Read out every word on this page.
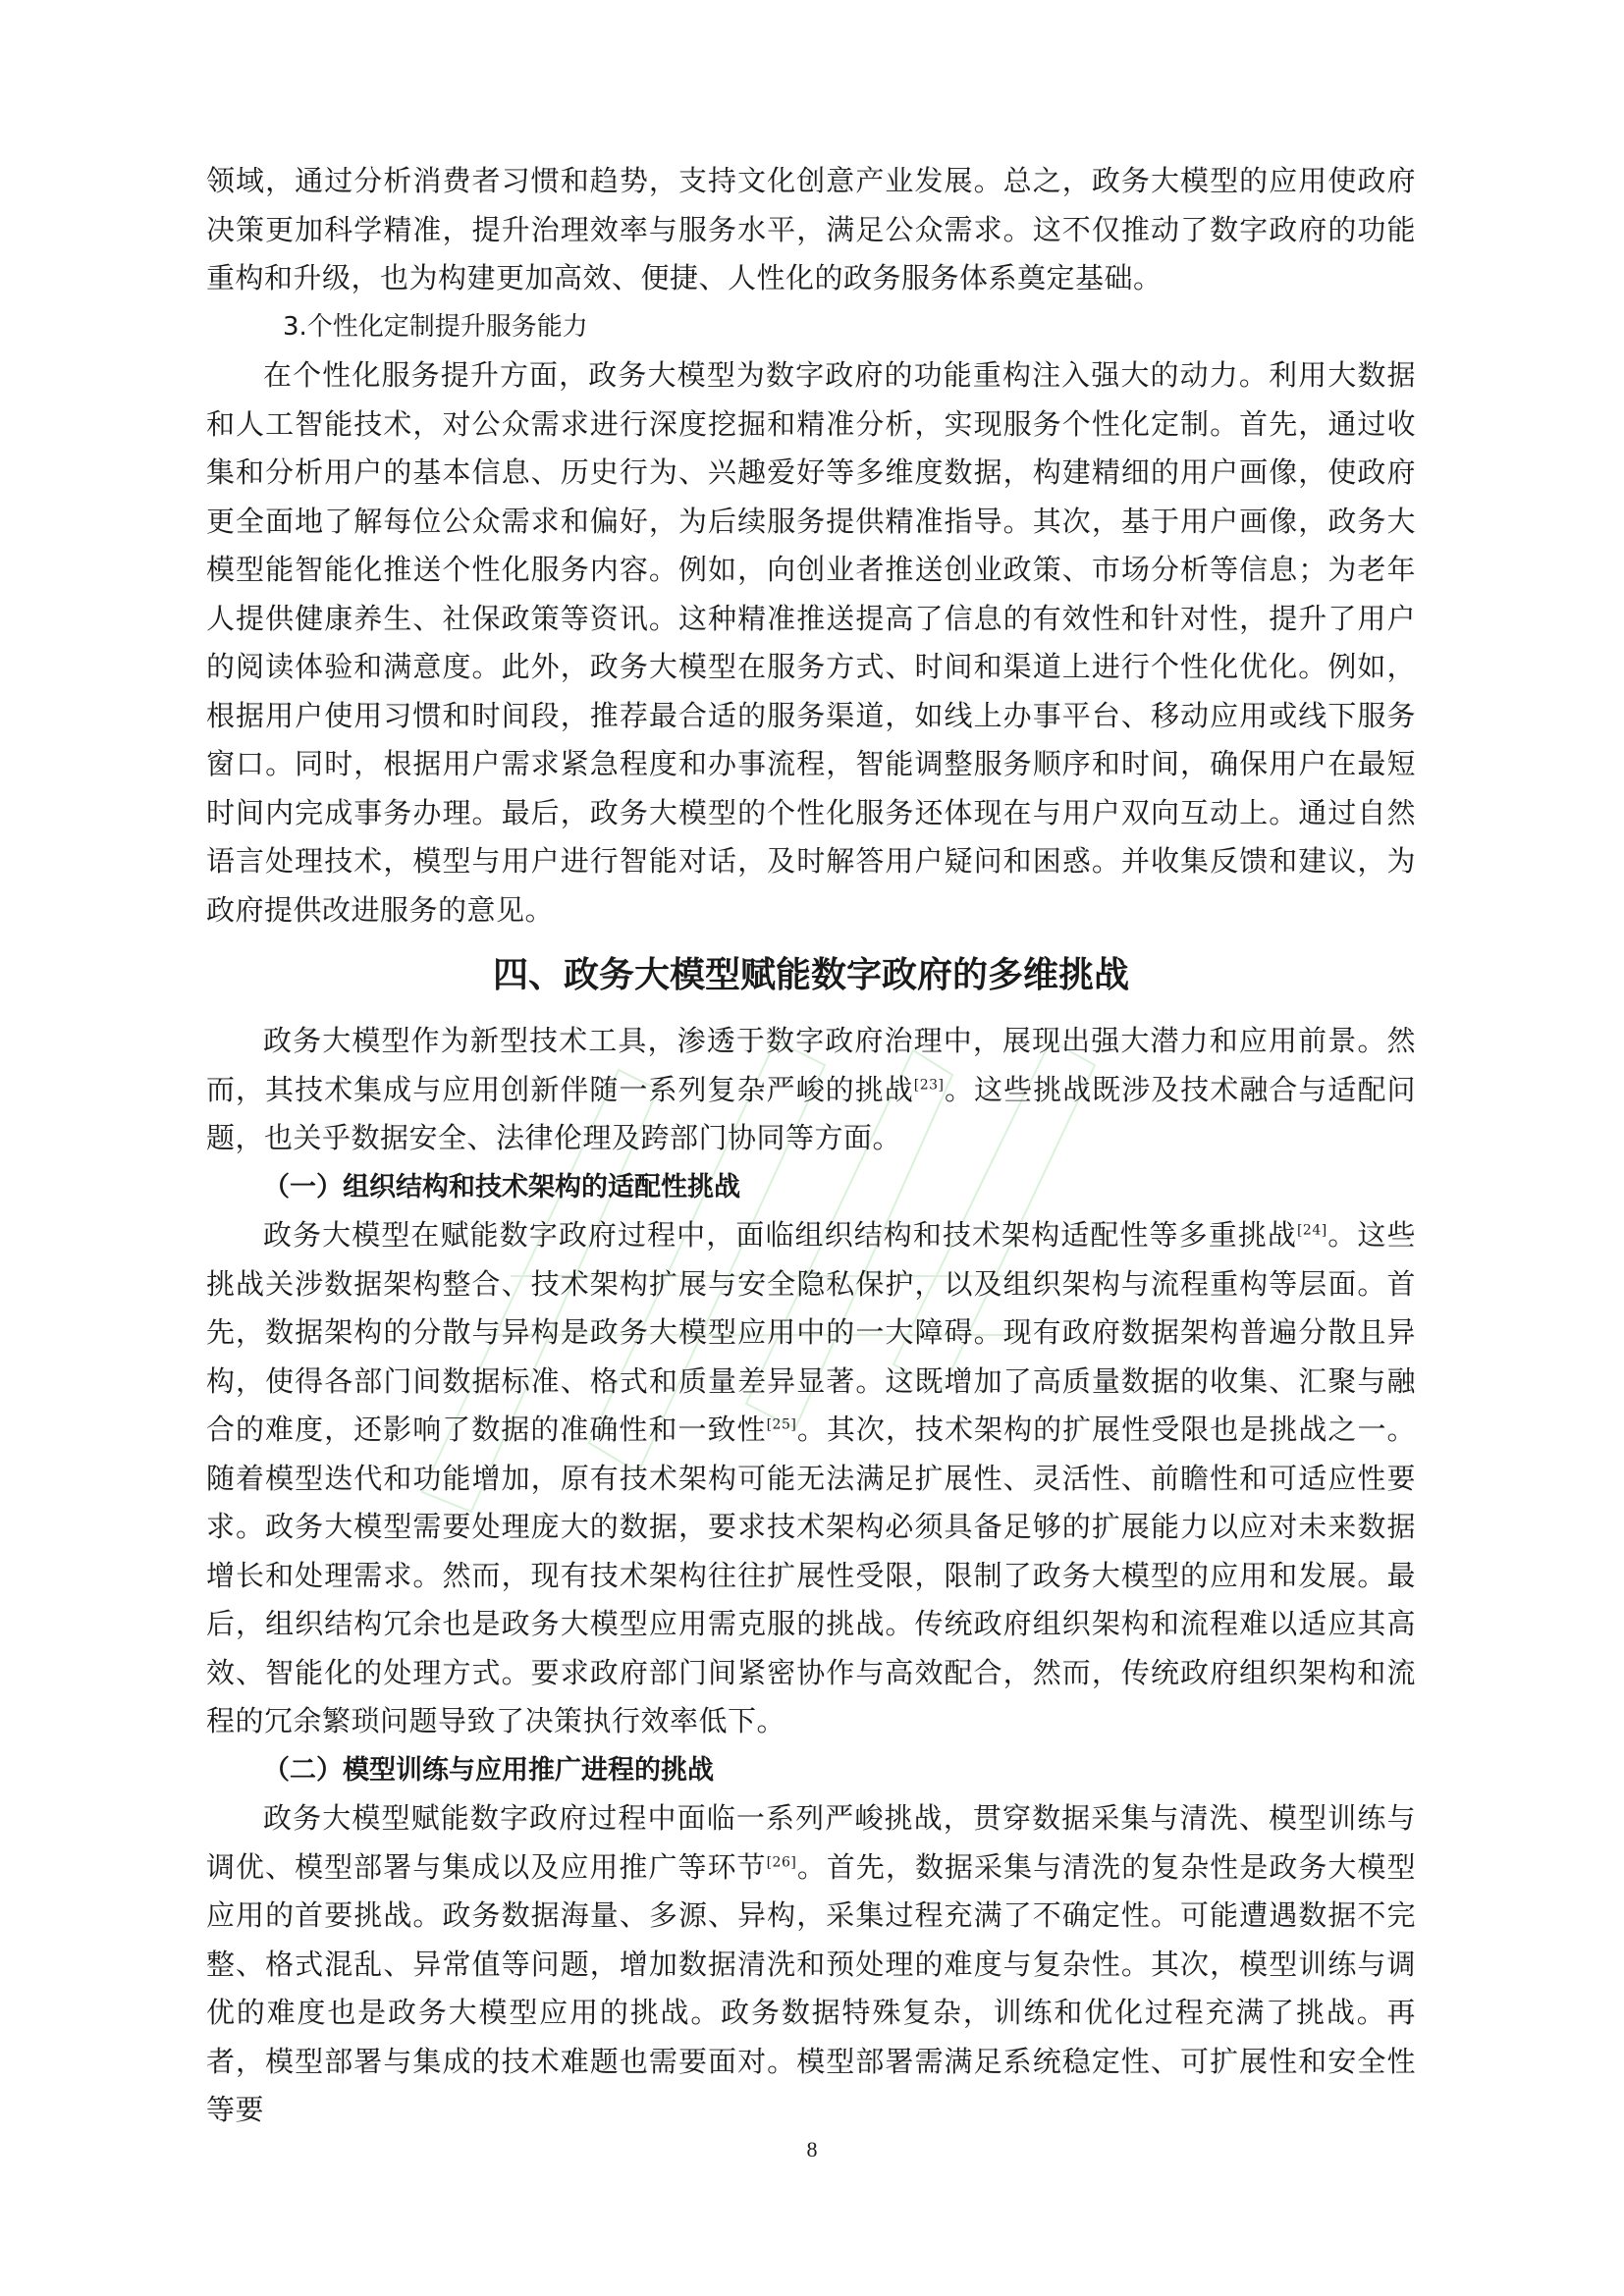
领域，通过分析消费者习惯和趋势，支持文化创意产业发展。总之，政务大模型的应用使政府决策更加科学精准，提升治理效率与服务水平，满足公众需求。这不仅推动了数字政府的功能重构和升级，也为构建更加高效、便捷、人性化的政务服务体系奠定基础。

3.个性化定制提升服务能力

在个性化服务提升方面，政务大模型为数字政府的功能重构注入强大的动力。利用大数据和人工智能技术，对公众需求进行深度挖掘和精准分析，实现服务个性化定制。首先，通过收集和分析用户的基本信息、历史行为、兴趣爱好等多维度数据，构建精细的用户画像，使政府更全面地了解每位公众需求和偏好，为后续服务提供精准指导。其次，基于用户画像，政务大模型能智能化推送个性化服务内容。例如，向创业者推送创业政策、市场分析等信息；为老年人提供健康养生、社保政策等资讯。这种精准推送提高了信息的有效性和针对性，提升了用户的阅读体验和满意度。此外，政务大模型在服务方式、时间和渠道上进行个性化优化。例如，根据用户使用习惯和时间段，推荐最合适的服务渠道，如线上办事平台、移动应用或线下服务窗口。同时，根据用户需求紧急程度和办事流程，智能调整服务顺序和时间，确保用户在最短时间内完成事务办理。最后，政务大模型的个性化服务还体现在与用户双向互动上。通过自然语言处理技术，模型与用户进行智能对话，及时解答用户疑问和困惑。并收集反馈和建议，为政府提供改进服务的意见。

四、政务大模型赋能数字政府的多维挑战

政务大模型作为新型技术工具，渗透于数字政府治理中，展现出强大潜力和应用前景。然而，其技术集成与应用创新伴随一系列复杂严峻的挑战[23]。这些挑战既涉及技术融合与适配问题，也关乎数据安全、法律伦理及跨部门协同等方面。

（一）组织结构和技术架构的适配性挑战

政务大模型在赋能数字政府过程中，面临组织结构和技术架构适配性等多重挑战[24]。这些挑战关涉数据架构整合、技术架构扩展与安全隐私保护，以及组织架构与流程重构等层面。首先，数据架构的分散与异构是政务大模型应用中的一大障碍。现有政府数据架构普遍分散且异构，使得各部门间数据标准、格式和质量差异显著。这既增加了高质量数据的收集、汇聚与融合的难度，还影响了数据的准确性和一致性[25]。其次，技术架构的扩展性受限也是挑战之一。随着模型迭代和功能增加，原有技术架构可能无法满足扩展性、灵活性、前瞻性和可适应性要求。政务大模型需要处理庞大的数据，要求技术架构必须具备足够的扩展能力以应对未来数据增长和处理需求。然而，现有技术架构往往扩展性受限，限制了政务大模型的应用和发展。最后，组织结构冗余也是政务大模型应用需克服的挑战。传统政府组织架构和流程难以适应其高效、智能化的处理方式。要求政府部门间紧密协作与高效配合，然而，传统政府组织架构和流程的冗余繁琐问题导致了决策执行效率低下。

（二）模型训练与应用推广进程的挑战

政务大模型赋能数字政府过程中面临一系列严峻挑战，贯穿数据采集与清洗、模型训练与调优、模型部署与集成以及应用推广等环节[26]。首先，数据采集与清洗的复杂性是政务大模型应用的首要挑战。政务数据海量、多源、异构，采集过程充满了不确定性。可能遭遇数据不完整、格式混乱、异常值等问题，增加数据清洗和预处理的难度与复杂性。其次，模型训练与调优的难度也是政务大模型应用的挑战。政务数据特殊复杂，训练和优化过程充满了挑战。再者，模型部署与集成的技术难题也需要面对。模型部署需满足系统稳定性、可扩展性和安全性等要

8
